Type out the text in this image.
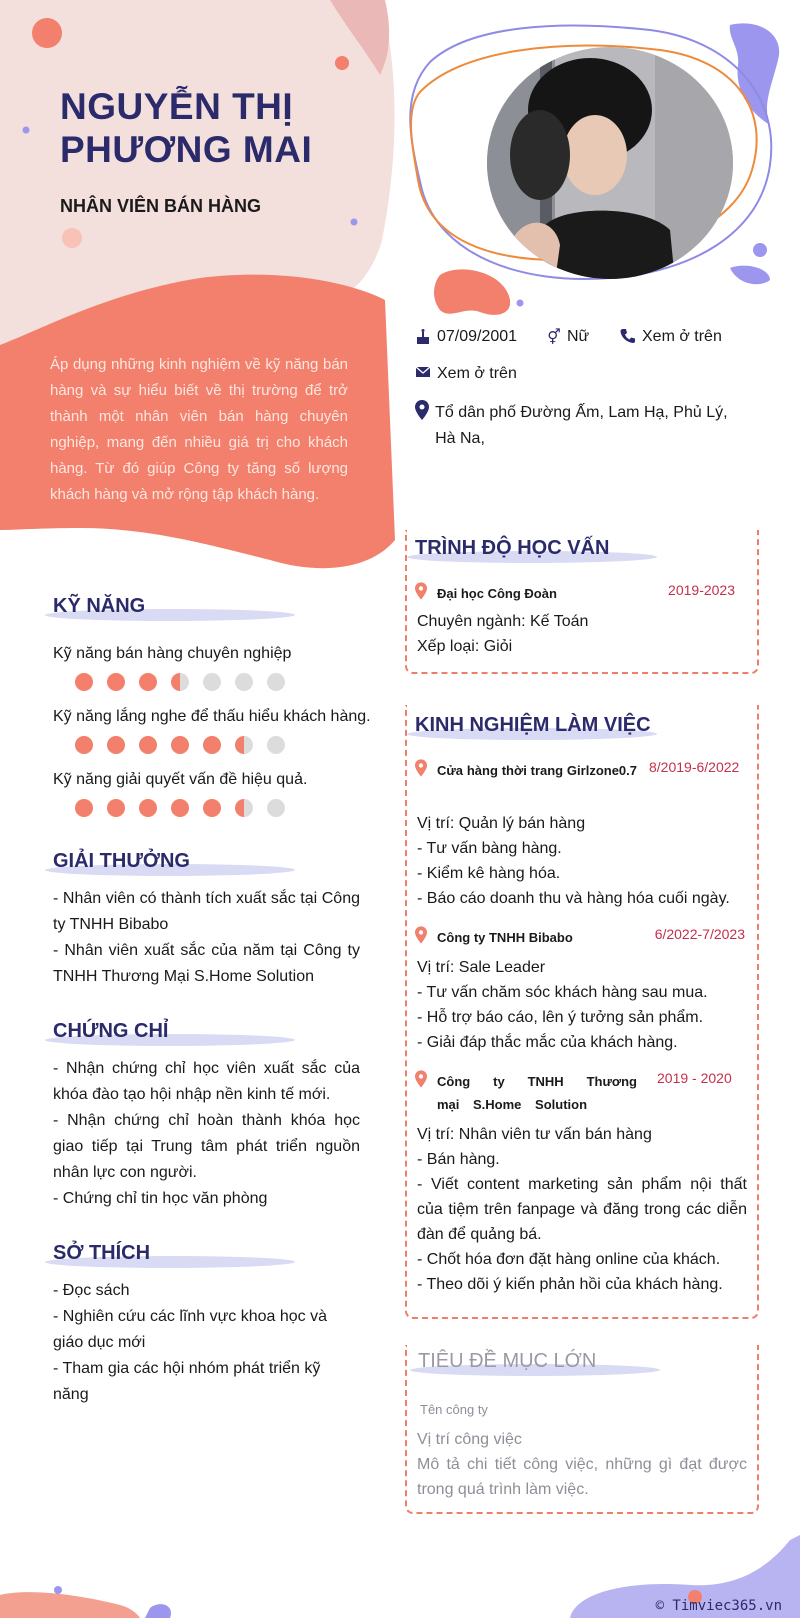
NGUYỄN THỊ
PHƯƠNG MAI
NHÂN VIÊN BÁN HÀNG
Áp dụng những kinh nghiệm về kỹ năng bán hàng và sự hiểu biết về thị trường để trở thành một nhân viên bán hàng chuyên nghiệp, mang đến nhiều giá trị cho khách hàng. Từ đó giúp Công ty tăng số lượng khách hàng và mở rộng tập khách hàng.
07/09/2001 ⚥ Nữ	Xem ở trên
Xem ở trên
Tổ dân phố Đường Ấm, Lam Hạ, Phủ Lý, Hà Na,
KỸ NĂNG
Kỹ năng bán hàng chuyên nghiệp
Kỹ năng lắng nghe để thấu hiểu khách hàng.
Kỹ năng giải quyết vấn đề hiệu quả.
GIẢI THƯỞNG
- Nhân viên có thành tích xuất sắc tại Công ty TNHH Bibabo
- Nhân viên xuất sắc của năm tại Công ty TNHH Thương Mại S.Home Solution
CHỨNG CHỈ
- Nhận chứng chỉ học viên xuất sắc của khóa đào tạo hội nhập nền kinh tế mới.
- Nhận chứng chỉ hoàn thành khóa học giao tiếp tại Trung tâm phát triển nguồn nhân lực con người.
- Chứng chỉ tin học văn phòng
SỞ THÍCH
- Đọc sách
- Nghiên cứu các lĩnh vực khoa học và giáo dục mới
- Tham gia các hội nhóm phát triển kỹ năng
TRÌNH ĐỘ HỌC VẤN
Đại học Công Đoàn	2019-2023
Chuyên ngành: Kế Toán
Xếp loại: Giỏi
KINH NGHIỆM LÀM VIỆC
Cửa hàng thời trang Girlzone0.7 8/2019-6/2022
Vị trí: Quản lý bán hàng
- Tư vấn bàng hàng.
- Kiểm kê hàng hóa.
- Báo cáo doanh thu và hàng hóa cuối ngày.
Công ty TNHH Bibabo	6/2022-7/2023
Vị trí: Sale Leader
- Tư vấn chăm sóc khách hàng sau mua.
- Hỗ trợ báo cáo, lên ý tưởng sản phẩm.
- Giải đáp thắc mắc của khách hàng.
Công ty TNHH Thương mại S.Home Solution
2019 - 2020
Vị trí: Nhân viên tư vấn bán hàng
- Bán hàng.
- Viết content marketing sản phẩm nội thất của tiệm trên fanpage và đăng trong các diễn đàn để quảng bá.
- Chốt hóa đơn đặt hàng online của khách.
- Theo dõi ý kiến phản hồi của khách hàng.
TIÊU ĐỀ MỤC LỚN
Tên công ty
Vị trí công việc
Mô tả chi tiết công việc, những gì đạt được trong quá trình làm việc.
© Timviec365.vn
